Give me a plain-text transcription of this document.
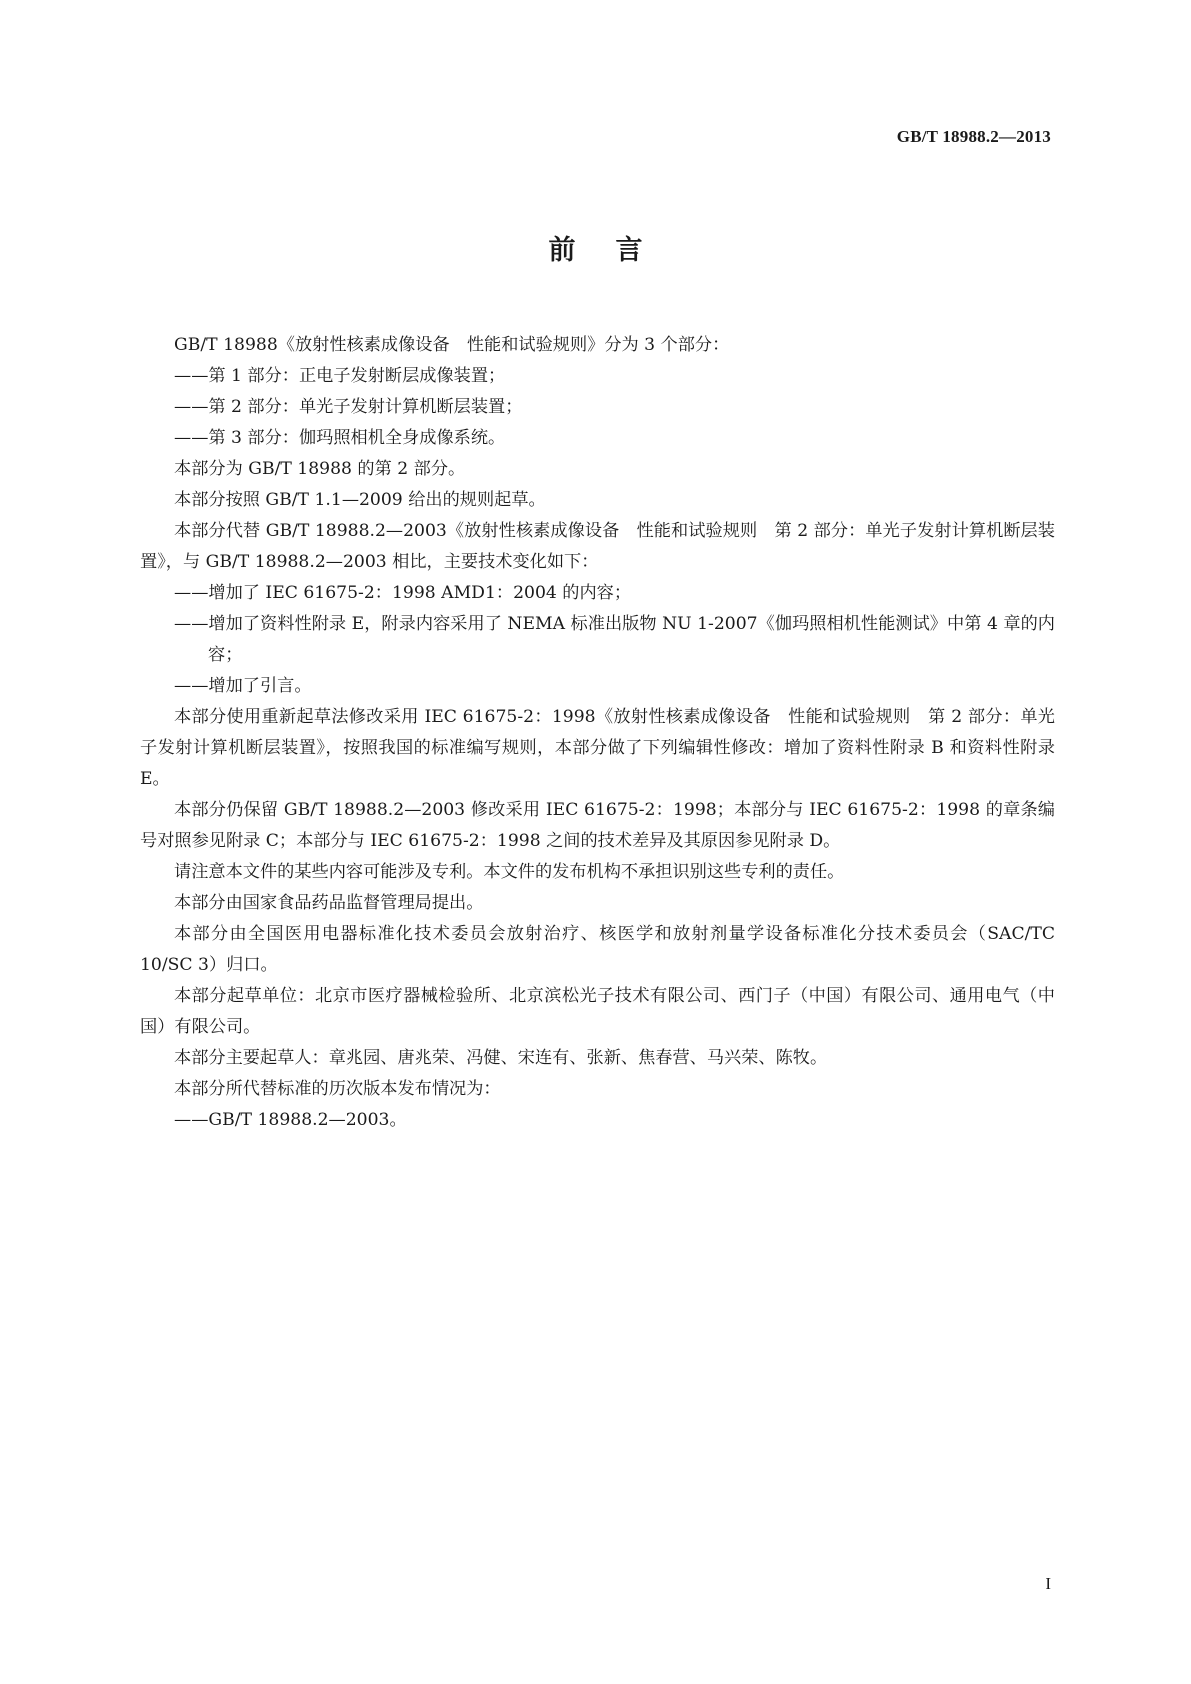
GB/T 18988.2—2013
前言

GB/T 18988《放射性核素成像设备　性能和试验规则》分为 3 个部分：

——第 1 部分：正电子发射断层成像装置；

——第 2 部分：单光子发射计算机断层装置；

——第 3 部分：伽玛照相机全身成像系统。

本部分为 GB/T 18988 的第 2 部分。

本部分按照 GB/T 1.1—2009 给出的规则起草。

本部分代替 GB/T 18988.2—2003《放射性核素成像设备　性能和试验规则　第 2 部分：单光子发射计算机断层装置》，与 GB/T 18988.2—2003 相比，主要技术变化如下：

——增加了 IEC 61675-2：1998 AMD1：2004 的内容；

——增加了资料性附录 E，附录内容采用了 NEMA 标准出版物 NU 1-2007《伽玛照相机性能测试》中第 4 章的内容；

——增加了引言。

本部分使用重新起草法修改采用 IEC 61675-2：1998《放射性核素成像设备　性能和试验规则　第 2 部分：单光子发射计算机断层装置》，按照我国的标准编写规则，本部分做了下列编辑性修改：增加了资料性附录 B 和资料性附录 E。

本部分仍保留 GB/T 18988.2—2003 修改采用 IEC 61675-2：1998；本部分与 IEC 61675-2：1998 的章条编号对照参见附录 C；本部分与 IEC 61675-2：1998 之间的技术差异及其原因参见附录 D。

请注意本文件的某些内容可能涉及专利。本文件的发布机构不承担识别这些专利的责任。

本部分由国家食品药品监督管理局提出。

本部分由全国医用电器标准化技术委员会放射治疗、核医学和放射剂量学设备标准化分技术委员会（SAC/TC 10/SC 3）归口。

本部分起草单位：北京市医疗器械检验所、北京滨松光子技术有限公司、西门子（中国）有限公司、通用电气（中国）有限公司。

本部分主要起草人：章兆园、唐兆荣、冯健、宋连有、张新、焦春营、马兴荣、陈牧。

本部分所代替标准的历次版本发布情况为：

——GB/T 18988.2—2003。

I
